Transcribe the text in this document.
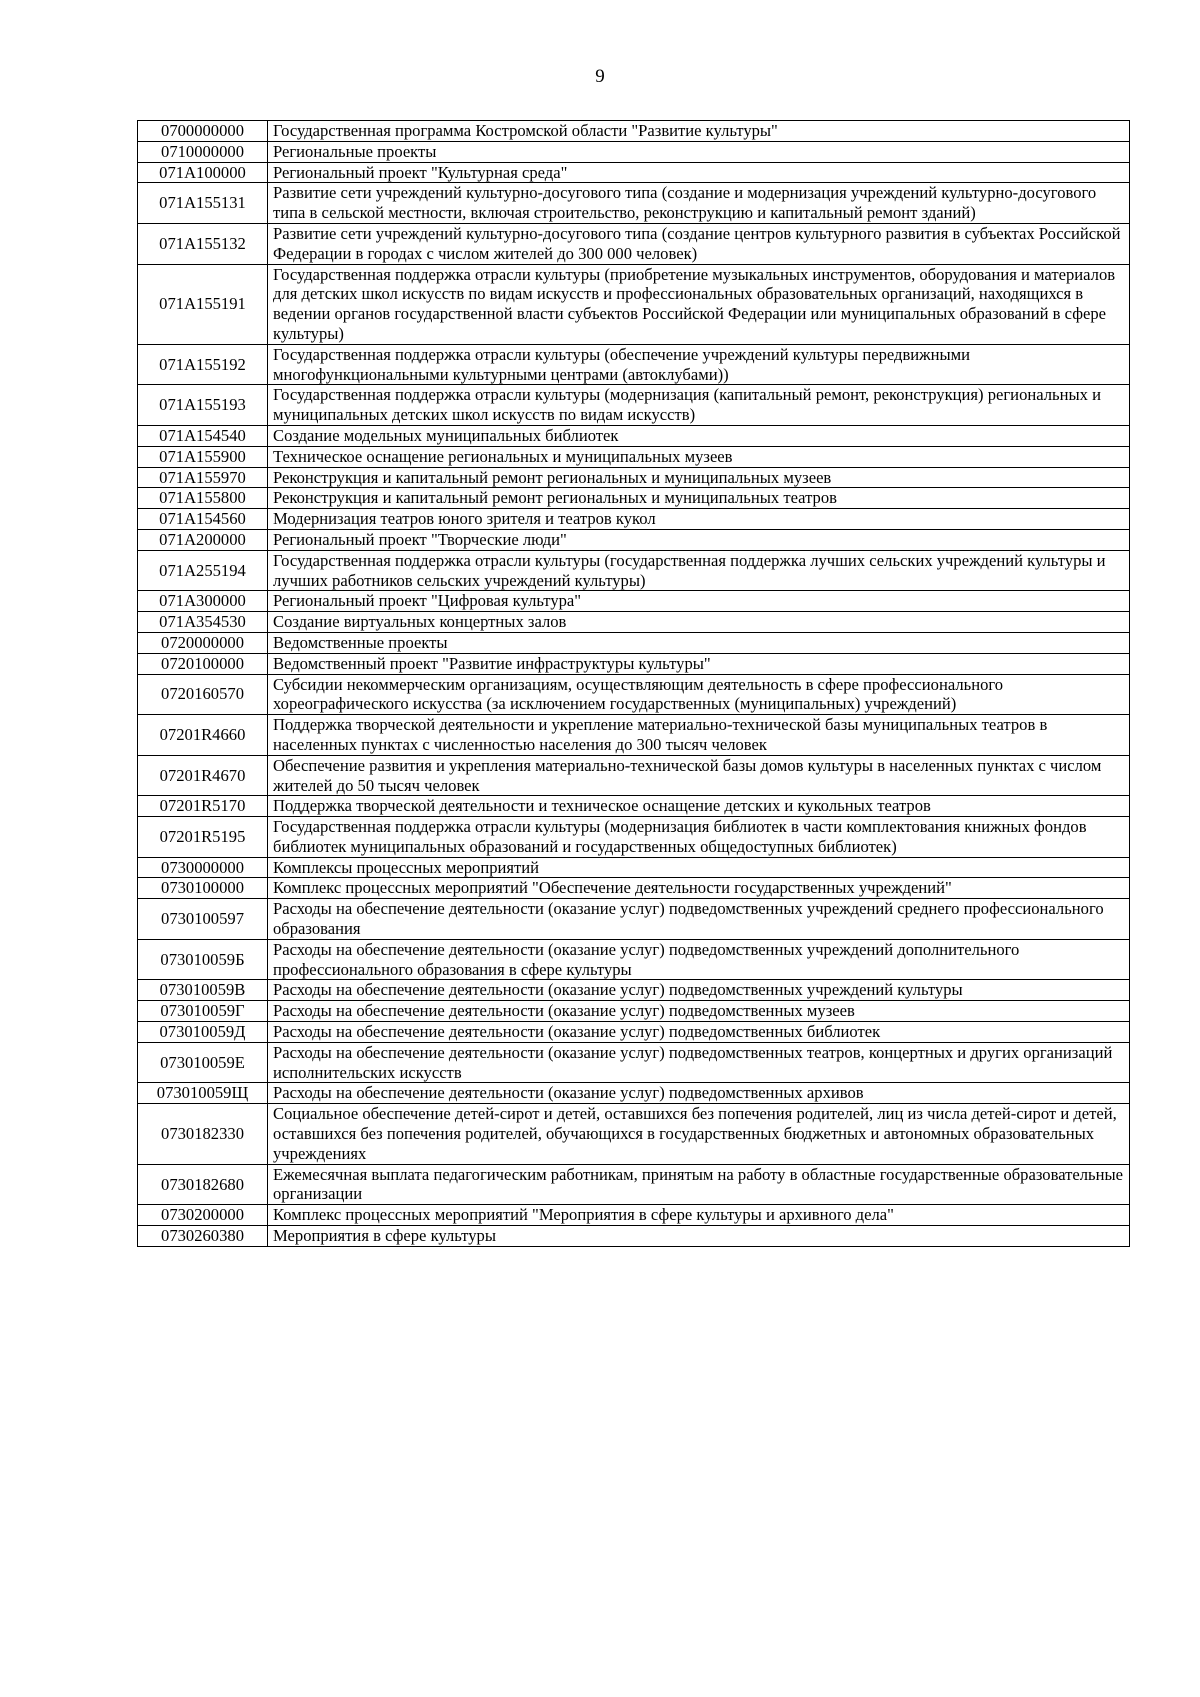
9
0700000000	Государственная программа Костромской области "Развитие культуры"
0710000000	Региональные проекты
071A100000	Региональный проект "Культурная среда"
071A155131	Развитие сети учреждений культурно-досугового типа (создание и модернизация учреждений культурно-досугового типа в сельской местности, включая строительство, реконструкцию и капитальный ремонт зданий)
071A155132	Развитие сети учреждений культурно-досугового типа (создание центров культурного развития в субъектах Российской Федерации в городах с числом жителей до 300 000 человек)
071A155191	Государственная поддержка отрасли культуры (приобретение музыкальных инструментов, оборудования и материалов для детских школ искусств по видам искусств и профессиональных образовательных организаций, находящихся в ведении органов государственной власти субъектов Российской Федерации или муниципальных образований в сфере культуры)
071A155192	Государственная поддержка отрасли культуры (обеспечение учреждений культуры передвижными многофункциональными культурными центрами (автоклубами))
071A155193	Государственная поддержка отрасли культуры (модернизация (капитальный ремонт, реконструкция) региональных и муниципальных детских школ искусств по видам искусств)
071A154540	Создание модельных муниципальных библиотек
071A155900	Техническое оснащение региональных и муниципальных музеев
071A155970	Реконструкция и капитальный ремонт региональных и муниципальных музеев
071A155800	Реконструкция и капитальный ремонт региональных и муниципальных театров
071A154560	Модернизация театров юного зрителя и театров кукол
071A200000	Региональный проект "Творческие люди"
071A255194	Государственная поддержка отрасли культуры (государственная поддержка лучших сельских учреждений культуры и лучших работников сельских учреждений культуры)
071A300000	Региональный проект "Цифровая культура"
071A354530	Создание виртуальных концертных залов
0720000000	Ведомственные проекты
0720100000	Ведомственный проект "Развитие инфраструктуры культуры"
0720160570	Субсидии некоммерческим организациям, осуществляющим деятельность в сфере профессионального хореографического искусства (за исключением государственных (муниципальных) учреждений)
07201R4660	Поддержка творческой деятельности и укрепление материально-технической базы муниципальных театров в населенных пунктах с численностью населения до 300 тысяч человек
07201R4670	Обеспечение развития и укрепления материально-технической базы домов культуры в населенных пунктах с числом жителей до 50 тысяч человек
07201R5170	Поддержка творческой деятельности и техническое оснащение детских и кукольных театров
07201R5195	Государственная поддержка отрасли культуры (модернизация библиотек в части комплектования книжных фондов библиотек муниципальных образований и государственных общедоступных библиотек)
0730000000	Комплексы процессных мероприятий
0730100000	Комплекс процессных мероприятий "Обеспечение деятельности государственных учреждений"
0730100597	Расходы на обеспечение деятельности (оказание услуг) подведомственных учреждений среднего профессионального образования
073010059Б	Расходы на обеспечение деятельности (оказание услуг) подведомственных учреждений дополнительного профессионального образования в сфере культуры
073010059В	Расходы на обеспечение деятельности (оказание услуг) подведомственных учреждений культуры
073010059Г	Расходы на обеспечение деятельности (оказание услуг) подведомственных музеев
073010059Д	Расходы на обеспечение деятельности (оказание услуг) подведомственных библиотек
073010059Е	Расходы на обеспечение деятельности (оказание услуг) подведомственных театров, концертных и других организаций исполнительских искусств
073010059Щ	Расходы на обеспечение деятельности (оказание услуг) подведомственных архивов
0730182330	Социальное обеспечение детей-сирот и детей, оставшихся без попечения родителей, лиц из числа детей-сирот и детей, оставшихся без попечения родителей, обучающихся в государственных бюджетных и автономных образовательных учреждениях
0730182680	Ежемесячная выплата педагогическим работникам, принятым на работу в областные государственные образовательные организации
0730200000	Комплекс процессных мероприятий "Мероприятия в сфере культуры и архивного дела"
0730260380	Мероприятия в сфере культуры
